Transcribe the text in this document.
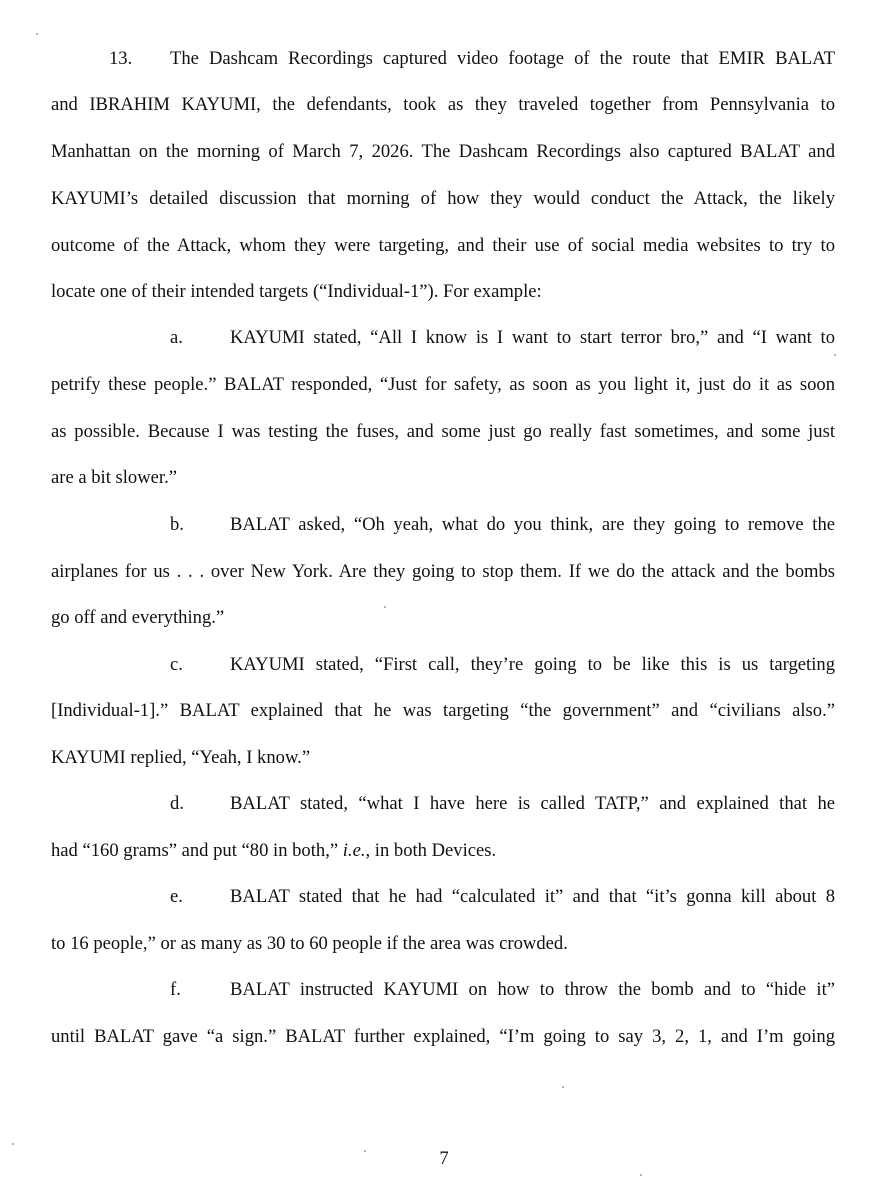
13. The Dashcam Recordings captured video footage of the route that EMIR BALAT
and IBRAHIM KAYUMI, the defendants, took as they traveled together from Pennsylvania to
Manhattan on the morning of March 7, 2026. The Dashcam Recordings also captured BALAT and
KAYUMI’s detailed discussion that morning of how they would conduct the Attack, the likely
outcome of the Attack, whom they were targeting, and their use of social media websites to try to
locate one of their intended targets (“Individual-1”). For example:
a.	KAYUMI stated, “All I know is I want to start terror bro,” and “I want to
petrify these people.” BALAT responded, “Just for safety, as soon as you light it, just do it as soon
as possible. Because I was testing the fuses, and some just go really fast sometimes, and some just
are a bit slower.”
b. BALAT asked, “Oh yeah, what do you think, are they going to remove the
airplanes for us . . . over New York. Are they going to stop them. If we do the attack and the bombs
go off and everything.”
c.	KAYUMI stated, “First call, they’re going to be like this is us targeting
[Individual-1].” BALAT explained that he was targeting “the government” and “civilians also.”
KAYUMI replied, “Yeah, I know.”
d. BALAT stated, “what I have here is called TATP,” and explained that he
had “160 grams” and put “80 in both,” i.e., in both Devices.
e.	BALAT stated that he had “calculated it” and that “it’s gonna kill about 8
to 16 people,” or as many as 30 to 60 people if the area was crowded.
f.	BALAT instructed KAYUMI on how to throw the bomb and to “hide it”
until BALAT gave “a sign.” BALAT further explained, “I’m going to say 3, 2, 1, and I’m going
7
